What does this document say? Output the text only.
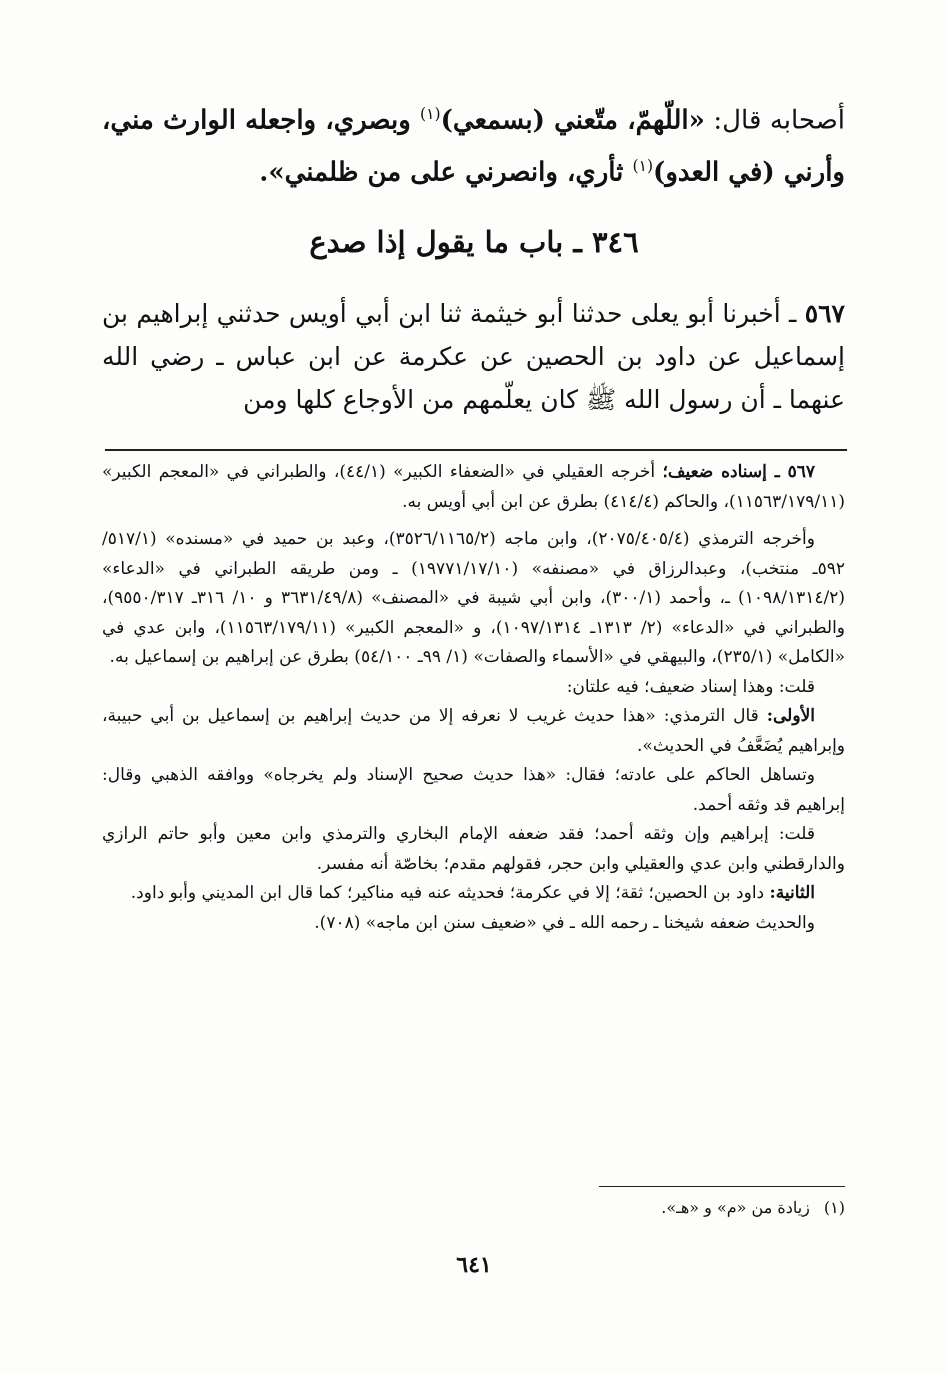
أصحابه قال: «اللّهمّ، متّعني (بسمعي)$^{(١)}$ وبصري، واجعله الوارث مني، وأرني (في العدو)$^{(١)}$ ثأري، وانصرني على من ظلمني».
٣٤٦ ـ باب ما يقول إذا صدع
٥٦٧ ـ أخبرنا أبو يعلى حدثنا أبو خيثمة ثنا ابن أبي أويس حدثني إبراهيم بن إسماعيل عن داود بن الحصين عن عكرمة عن ابن عباس ـ رضي الله عنهما ـ أن رسول الله ﷺ كان يعلّمهم من الأوجاع كلها ومن

٥٦٧ ـ إسناده ضعيف؛ أخرجه العقيلي في «الضعفاء الكبير» (٤٤/١)، والطبراني في «المعجم الكبير» (١١٥٦٣/١٧٩/١١)، والحاكم (٤١٤/٤) بطرق عن ابن أبي أويس به.

وأخرجه الترمذي (٢٠٧٥/٤٠٥/٤)، وابن ماجه (٣٥٢٦/١١٦٥/٢)، وعبد بن حميد في «مسنده» (٥١٧/١/ ٥٩٢ـ منتخب)، وعبدالرزاق في «مصنفه» (١٩٧٧١/١٧/١٠) ـ ومن طريقه الطبراني في «الدعاء» (١٠٩٨/١٣١٤/٢) ـ، وأحمد (٣٠٠/١)، وابن أبي شيبة في «المصنف» (٣٦٣١/٤٩/٨ و ١٠/ ٣١٦ـ ٩٥٥٠/٣١٧)، والطبراني في «الدعاء» (٢/ ١٣١٣ـ ١٠٩٧/١٣١٤)، و «المعجم الكبير» (١١٥٦٣/١٧٩/١١)، وابن عدي في «الكامل» (٢٣٥/١)، والبيهقي في «الأسماء والصفات» (١/ ٩٩ـ ٥٤/١٠٠) بطرق عن إبراهيم بن إسماعيل به.

قلت: وهذا إسناد ضعيف؛ فيه علتان:

الأولى: قال الترمذي: «هذا حديث غريب لا نعرفه إلا من حديث إبراهيم بن إسماعيل بن أبي حبيبة، وإبراهيم يُضَعَّفُ في الحديث».

وتساهل الحاكم على عادته؛ فقال: «هذا حديث صحيح الإسناد ولم يخرجاه» ووافقه الذهبي وقال: إبراهيم قد وثقه أحمد.

قلت: إبراهيم وإن وثقه أحمد؛ فقد ضعفه الإمام البخاري والترمذي وابن معين وأبو حاتم الرازي والدارقطني وابن عدي والعقيلي وابن حجر، فقولهم مقدم؛ بخاصّة أنه مفسر.

الثانية: داود بن الحصين؛ ثقة؛ إلا في عكرمة؛ فحديثه عنه فيه مناكير؛ كما قال ابن المديني وأبو داود.

والحديث ضعفه شيخنا ـ رحمه الله ـ في «ضعيف سنن ابن ماجه» (٧٠٨).

(١)زيادة من «م» و «هـ».
٦٤١
